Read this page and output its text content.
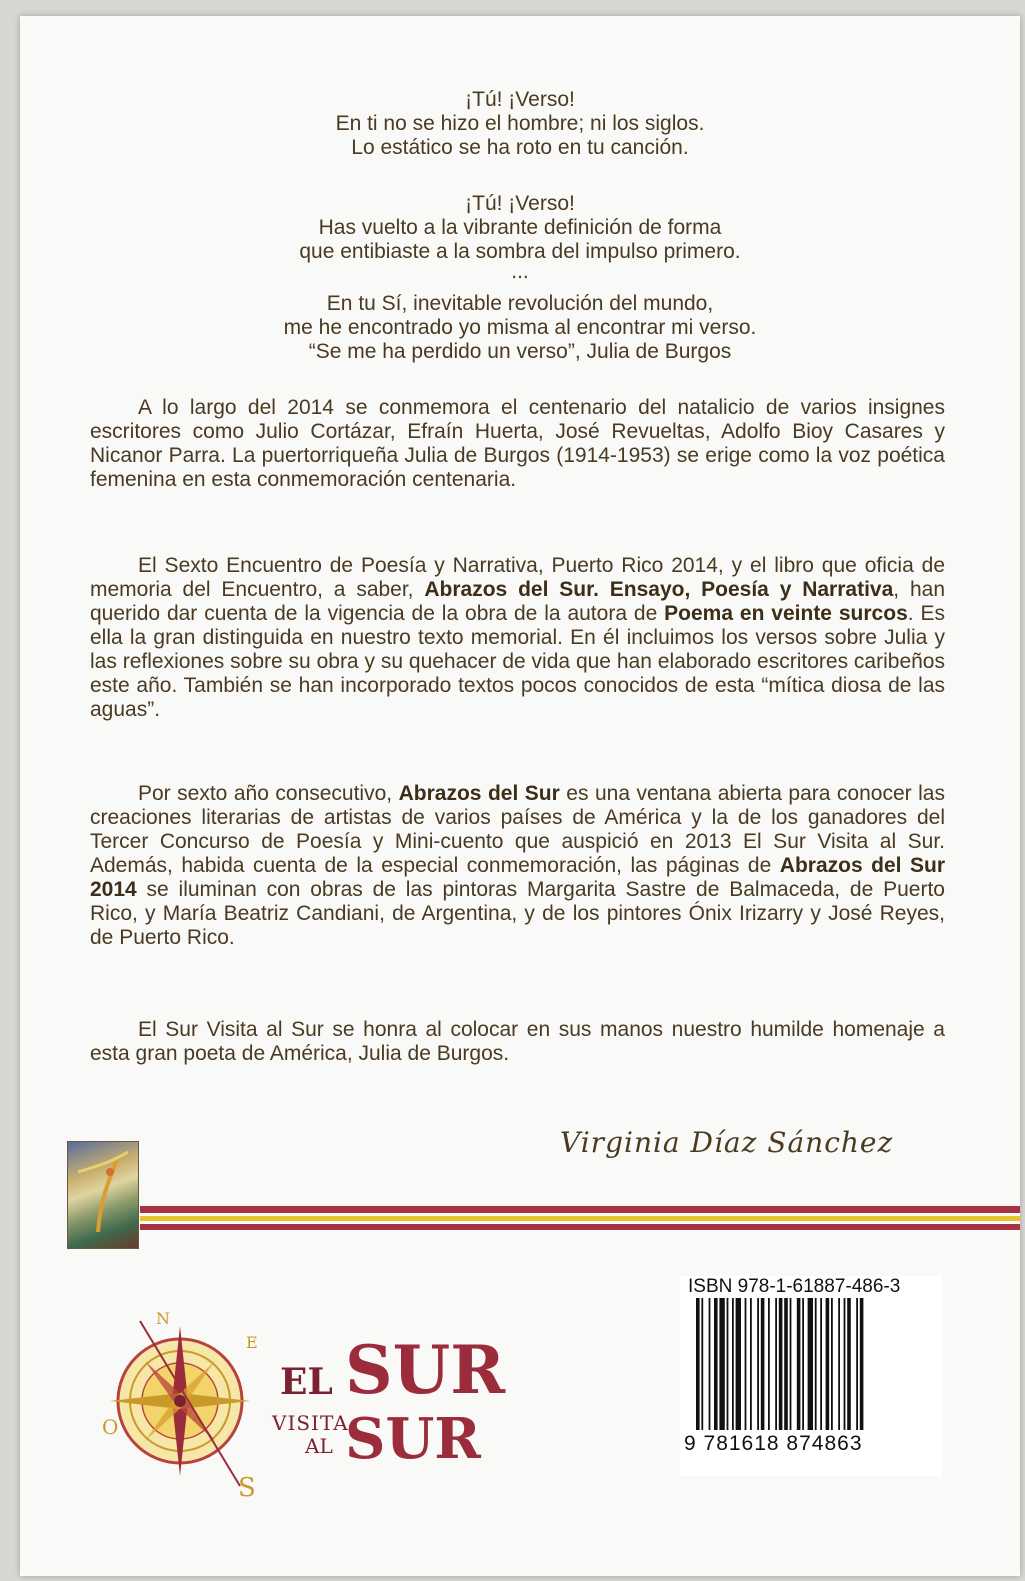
¡Tú! ¡Verso!
En ti no se hizo el hombre; ni los siglos.
Lo estático se ha roto en tu canción.
¡Tú! ¡Verso!
Has vuelto a la vibrante definición de forma
que entibiaste a la sombra del impulso primero.
...
En tu Sí, inevitable revolución del mundo,
me he encontrado yo misma al encontrar mi verso.
“Se me ha perdido un verso”, Julia de Burgos
A lo largo del 2014 se conmemora el centenario del natalicio de varios insignes escritores como Julio Cortázar, Efraín Huerta, José Revueltas, Adolfo Bioy Casares y Nicanor Parra. La puertorriqueña Julia de Burgos (1914-1953) se erige como la voz poética femenina en esta conmemoración centenaria.
El Sexto Encuentro de Poesía y Narrativa, Puerto Rico 2014, y el libro que oficia de memoria del Encuentro, a saber, Abrazos del Sur. Ensayo, Poesía y Narrativa, han querido dar cuenta de la vigencia de la obra de la autora de Poema en veinte surcos. Es ella la gran distinguida en nuestro texto memorial. En él incluimos los versos sobre Julia y las reflexiones sobre su obra y su quehacer de vida que han elaborado escritores caribeños este año. También se han incorporado textos pocos conocidos de esta “mítica diosa de las aguas”.
Por sexto año consecutivo, Abrazos del Sur es una ventana abierta para conocer las creaciones literarias de artistas de varios países de América y la de los ganadores del Tercer Concurso de Poesía y Mini-cuento que auspició en 2013 El Sur Visita al Sur. Además, habida cuenta de la especial conmemoración, las páginas de Abrazos del Sur 2014 se iluminan con obras de las pintoras Margarita Sastre de Balmaceda, de Puerto Rico, y María Beatriz Candiani, de Argentina, y de los pintores Ónix Irizarry y José Reyes, de Puerto Rico.
El Sur Visita al Sur se honra al colocar en sus manos nuestro humilde homenaje a esta gran poeta de América, Julia de Burgos.
Virginia Díaz Sánchez
N
E
O
S
EL SUR
VISITA
AL SUR
ISBN 978-1-61887-486-3
9 781618 874863
